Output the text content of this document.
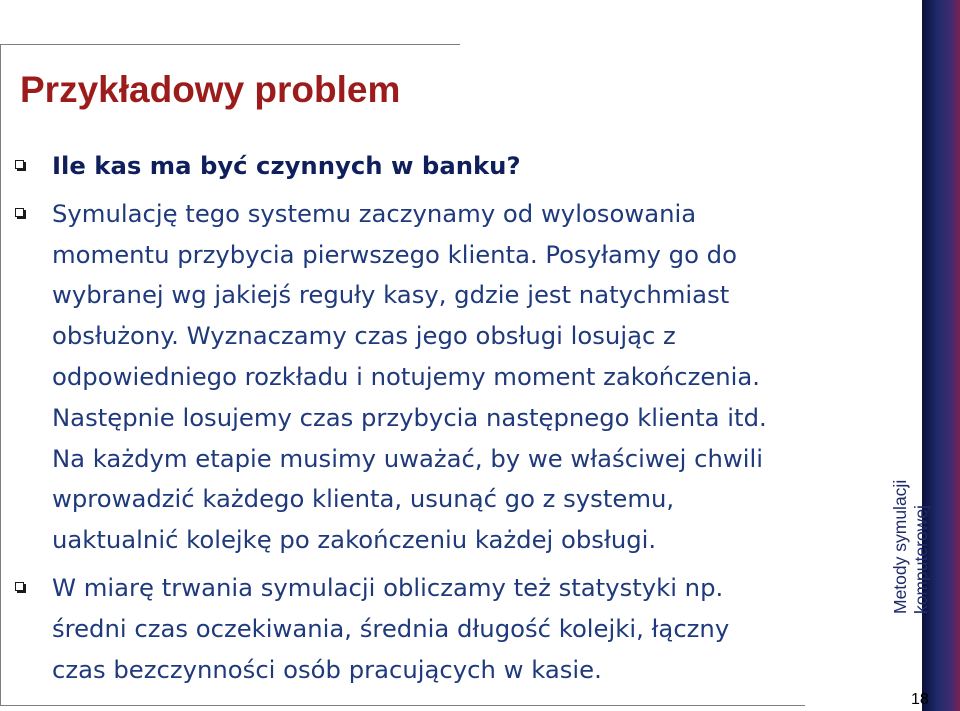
Przykładowy problem
Ile kas ma być czynnych w banku?
Symulację tego systemu zaczynamy od wylosowania
momentu przybycia pierwszego klienta. Posyłamy go do
wybranej wg jakiejś reguły kasy, gdzie jest natychmiast
obsłużony. Wyznaczamy czas jego obsługi losując z
odpowiedniego rozkładu i notujemy moment zakończenia.
Następnie losujemy czas przybycia następnego klienta itd.
Na każdym etapie musimy uważać, by we właściwej chwili
wprowadzić każdego klienta, usunąć go z systemu,
uaktualnić kolejkę po zakończeniu każdej obsługi.
W miarę trwania symulacji obliczamy też statystyki np.
średni czas oczekiwania, średnia długość kolejki, łączny
czas bezczynności osób pracujących w kasie.
Metody symulacji komputerowej
18
